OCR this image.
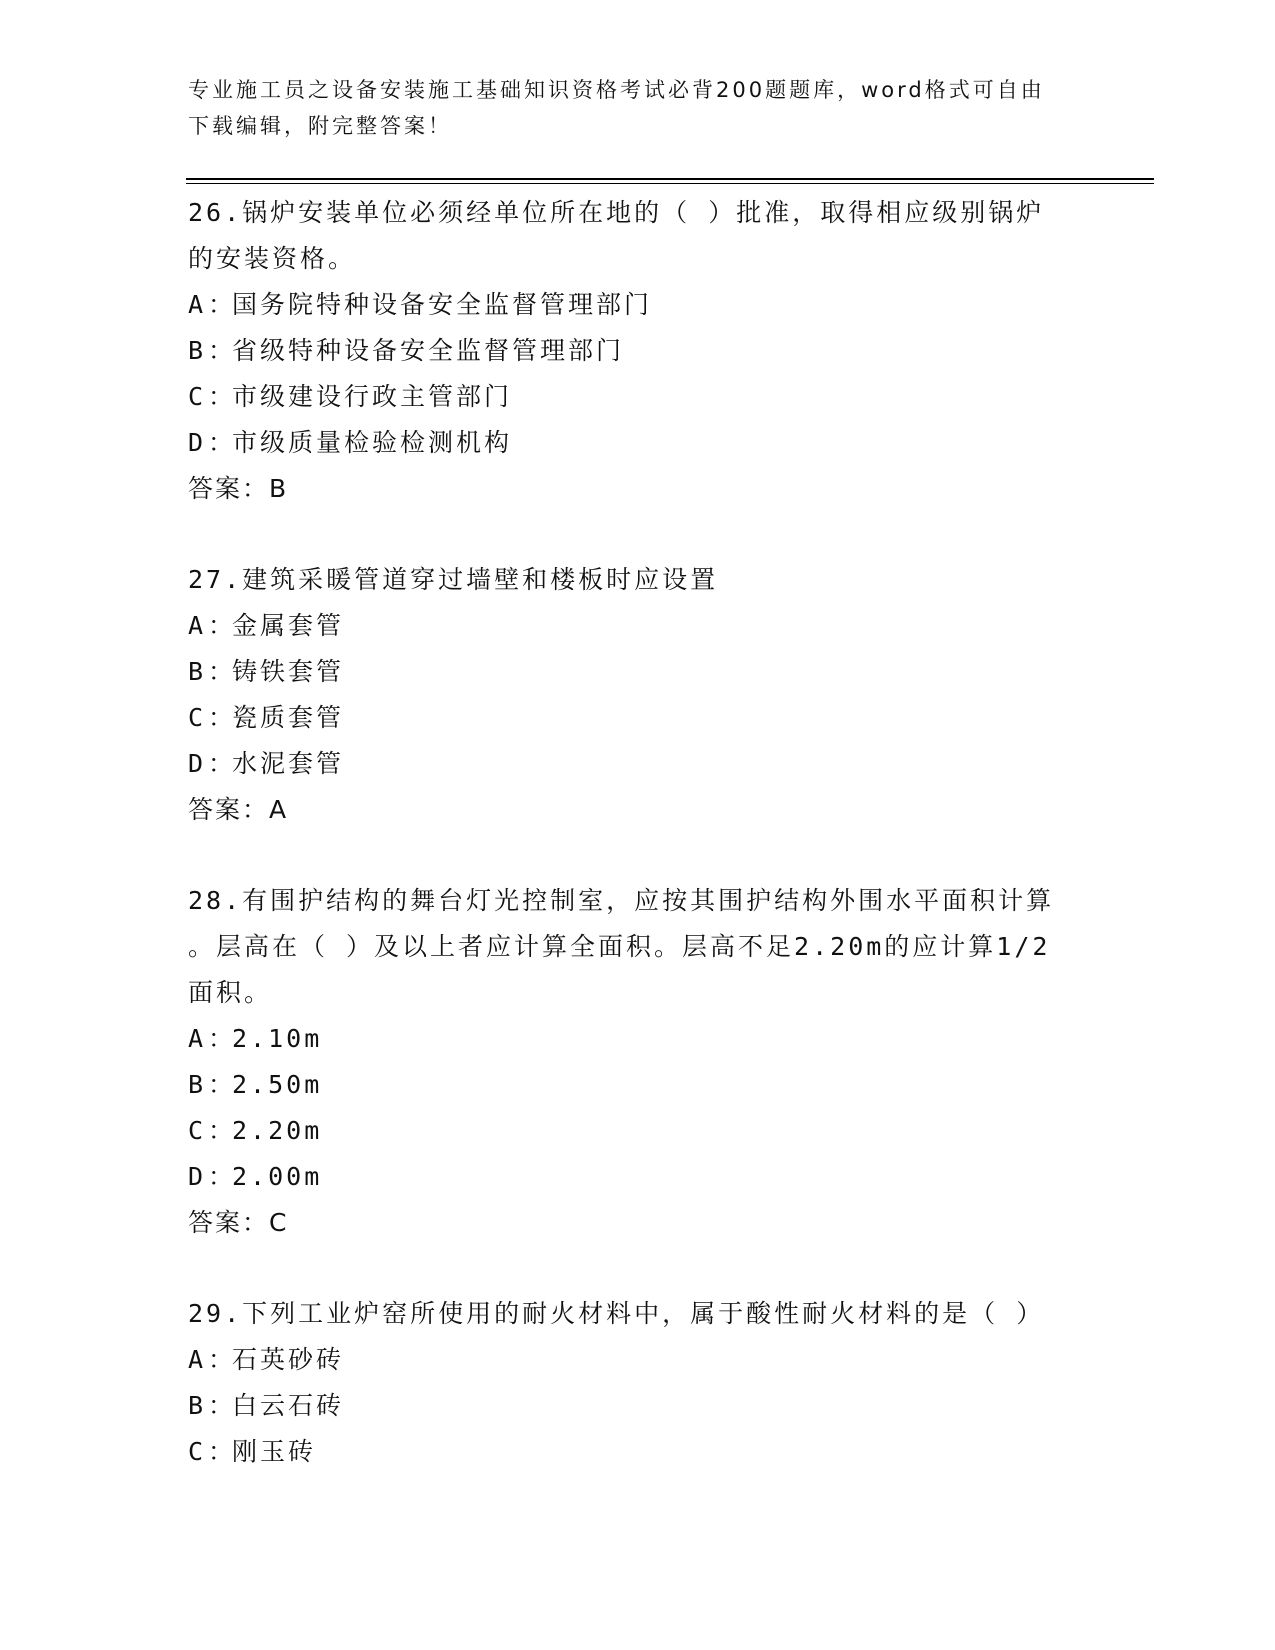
专业施工员之设备安装施工基础知识资格考试必背200题题库，word格式可自由
下载编辑，附完整答案！
26.锅炉安装单位必须经单位所在地的（ ）批准，取得相应级别锅炉
的安装资格。
A：国务院特种设备安全监督管理部门
B：省级特种设备安全监督管理部门
C：市级建设行政主管部门
D：市级质量检验检测机构
答案：B
27.建筑采暖管道穿过墙壁和楼板时应设置
A：金属套管
B：铸铁套管
C：瓷质套管
D：水泥套管
答案：A
28.有围护结构的舞台灯光控制室，应按其围护结构外围水平面积计算
。层高在（ ）及以上者应计算全面积。层高不足2.20m的应计算1/2
面积。
A：2.10m
B：2.50m
C：2.20m
D：2.00m
答案：C
29.下列工业炉窑所使用的耐火材料中，属于酸性耐火材料的是（ ）
A：石英砂砖
B：白云石砖
C：刚玉砖
